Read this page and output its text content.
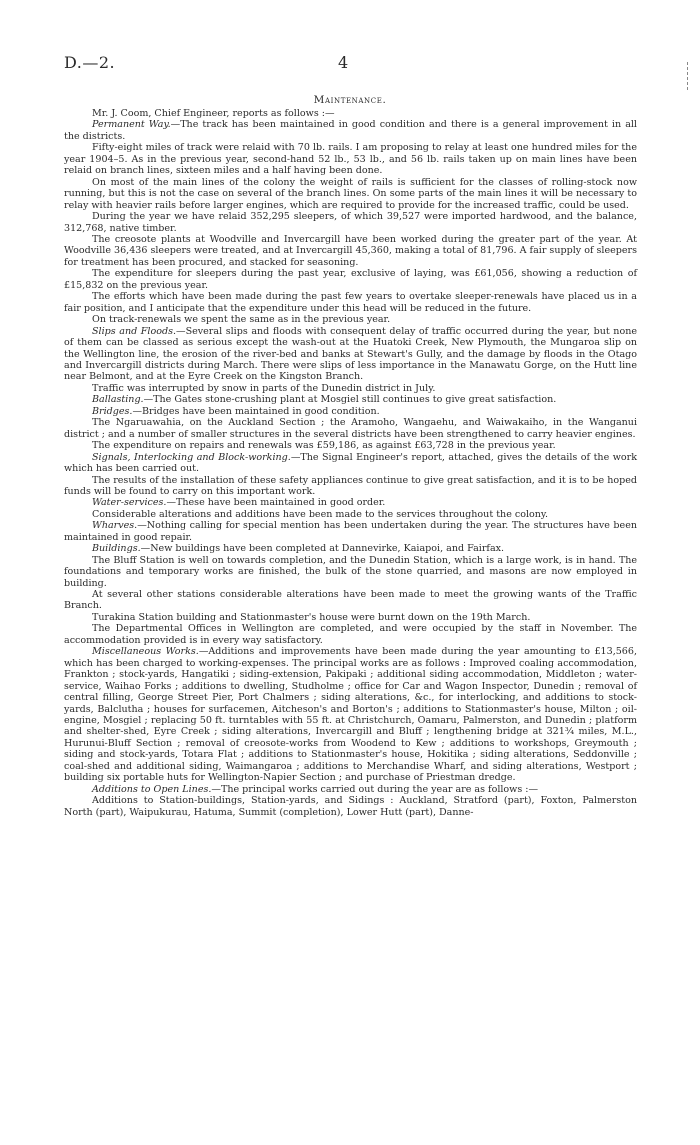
D.—2.	4
Maintenance.

Mr. J. Coom, Chief Engineer, reports as follows :—

Permanent Way.—The track has been maintained in good condition and there is a general improvement in all the districts.

Fifty-eight miles of track were relaid with 70 lb. rails. I am proposing to relay at least one hundred miles for the year 1904–5. As in the previous year, second-hand 52 lb., 53 lb., and 56 lb. rails taken up on main lines have been relaid on branch lines, sixteen miles and a half having been done.

On most of the main lines of the colony the weight of rails is sufficient for the classes of rolling-stock now running, but this is not the case on several of the branch lines. On some parts of the main lines it will be necessary to relay with heavier rails before larger engines, which are required to provide for the increased traffic, could be used.

During the year we have relaid 352,295 sleepers, of which 39,527 were imported hardwood, and the balance, 312,768, native timber.

The creosote plants at Woodville and Invercargill have been worked during the greater part of the year. At Woodville 36,436 sleepers were treated, and at Invercargill 45,360, making a total of 81,796. A fair supply of sleepers for treatment has been procured, and stacked for seasoning.

The expenditure for sleepers during the past year, exclusive of laying, was £61,056, showing a reduction of £15,832 on the previous year.

The efforts which have been made during the past few years to overtake sleeper-renewals have placed us in a fair position, and I anticipate that the expenditure under this head will be reduced in the future.

On track-renewals we spent the same as in the previous year.

Slips and Floods.—Several slips and floods with consequent delay of traffic occurred during the year, but none of them can be classed as serious except the wash-out at the Huatoki Creek, New Plymouth, the Mungaroa slip on the Wellington line, the erosion of the river-bed and banks at Stewart's Gully, and the damage by floods in the Otago and Invercargill districts during March. There were slips of less importance in the Manawatu Gorge, on the Hutt line near Belmont, and at the Eyre Creek on the Kingston Branch.

Traffic was interrupted by snow in parts of the Dunedin district in July.

Ballasting.—The Gates stone-crushing plant at Mosgiel still continues to give great satisfaction.

Bridges.—Bridges have been maintained in good condition.

The Ngaruawahia, on the Auckland Section ; the Aramoho, Wangaehu, and Waiwakaiho, in the Wanganui district ; and a number of smaller structures in the several districts have been strengthened to carry heavier engines.

The expenditure on repairs and renewals was £59,186, as against £63,728 in the previous year.

Signals, Interlocking and Block-working.—The Signal Engineer's report, attached, gives the details of the work which has been carried out.

The results of the installation of these safety appliances continue to give great satisfaction, and it is to be hoped funds will be found to carry on this important work.

Water-services.—These have been maintained in good order.

Considerable alterations and additions have been made to the services throughout the colony.

Wharves.—Nothing calling for special mention has been undertaken during the year. The structures have been maintained in good repair.

Buildings.—New buildings have been completed at Dannevirke, Kaiapoi, and Fairfax.

The Bluff Station is well on towards completion, and the Dunedin Station, which is a large work, is in hand. The foundations and temporary works are finished, the bulk of the stone quarried, and masons are now employed in building.

At several other stations considerable alterations have been made to meet the growing wants of the Traffic Branch.

Turakina Station building and Stationmaster's house were burnt down on the 19th March.

The Departmental Offices in Wellington are completed, and were occupied by the staff in November. The accommodation provided is in every way satisfactory.

Miscellaneous Works.—Additions and improvements have been made during the year amounting to £13,566, which has been charged to working-expenses. The principal works are as follows : Improved coaling accommodation, Frankton ; stock-yards, Hangatiki ; siding-extension, Pakipaki ; additional siding accommodation, Middleton ; water-service, Waihao Forks ; additions to dwelling, Studholme ; office for Car and Wagon Inspector, Dunedin ; removal of central filling, George Street Pier, Port Chalmers ; siding alterations, &c., for interlocking, and additions to stock-yards, Balclutha ; houses for surfacemen, Aitcheson's and Borton's ; additions to Stationmaster's house, Milton ; oil-engine, Mosgiel ; replacing 50 ft. turntables with 55 ft. at Christchurch, Oamaru, Palmerston, and Dunedin ; platform and shelter-shed, Eyre Creek ; siding alterations, Invercargill and Bluff ; lengthening bridge at 321¾ miles, M.L., Hurunui-Bluff Section ; removal of creosote-works from Woodend to Kew ; additions to workshops, Greymouth ; siding and stock-yards, Totara Flat ; additions to Stationmaster's house, Hokitika ; siding alterations, Seddonville ; coal-shed and additional siding, Waimangaroa ; additions to Merchandise Wharf, and siding alterations, Westport ; building six portable huts for Wellington-Napier Section ; and purchase of Priestman dredge.

Additions to Open Lines.—The principal works carried out during the year are as follows :—

Additions to Station-buildings, Station-yards, and Sidings : Auckland, Stratford (part), Foxton, Palmerston North (part), Waipukurau, Hatuma, Summit (completion), Lower Hutt (part), Danne-
